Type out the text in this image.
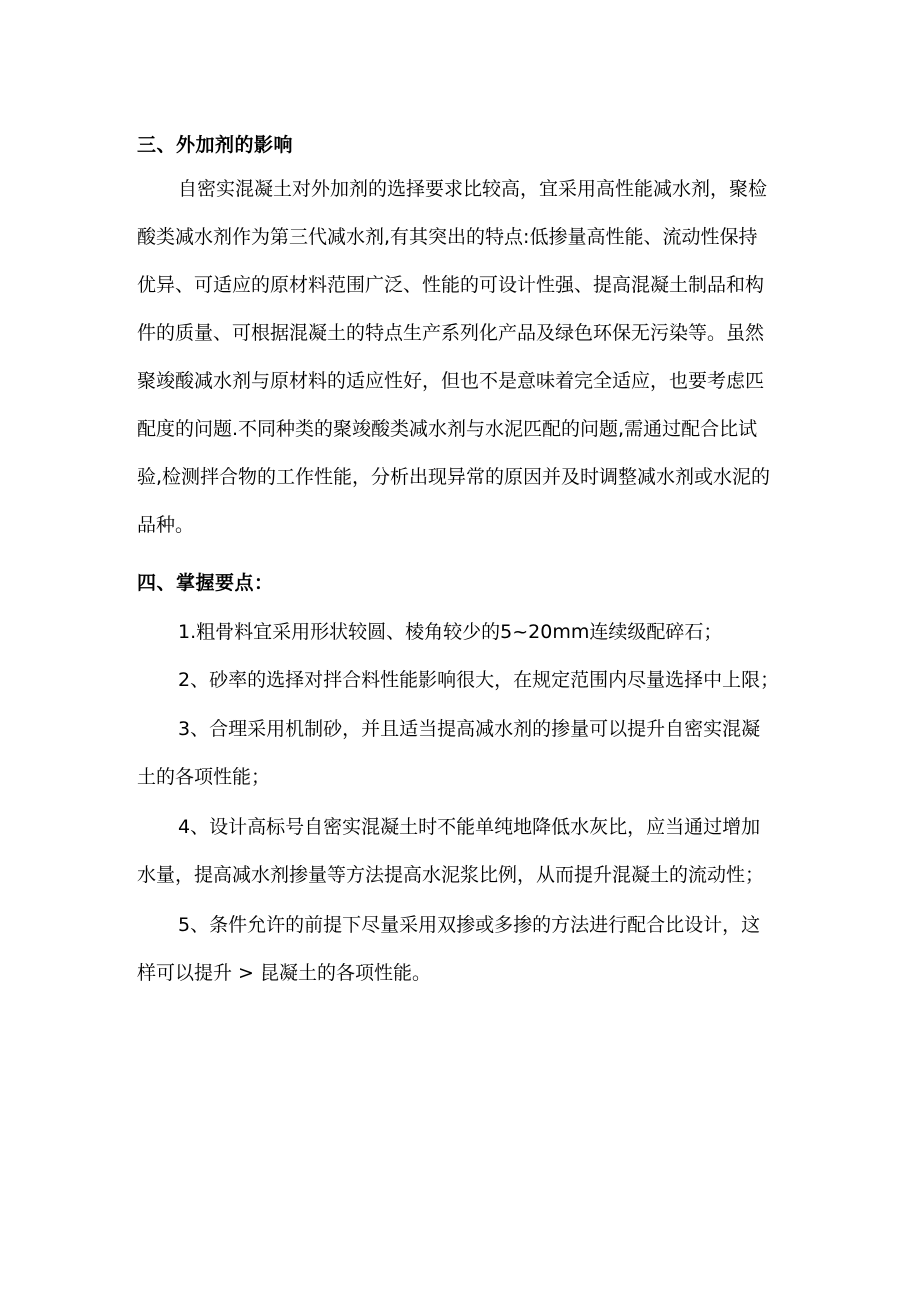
三、外加剂的影响
自密实混凝土对外加剂的选择要求比较高，宜采用高性能减水剂，聚检
酸类减水剂作为第三代减水剂,有其突出的特点:低掺量高性能、流动性保持
优异、可适应的原材料范围广泛、性能的可设计性强、提高混凝土制品和构
件的质量、可根据混凝土的特点生产系列化产品及绿色环保无污染等。虽然
聚竣酸减水剂与原材料的适应性好，但也不是意味着完全适应，也要考虑匹
配度的问题.不同种类的聚竣酸类减水剂与水泥匹配的问题,需通过配合比试
验,检测拌合物的工作性能，分析出现异常的原因并及时调整减水剂或水泥的
品种。
四、掌握要点：
1.粗骨料宜采用形状较圆、棱角较少的5~20mm连续级配碎石；
2、砂率的选择对拌合料性能影响很大，在规定范围内尽量选择中上限；
3、合理采用机制砂，并且适当提高减水剂的掺量可以提升自密实混凝
土的各项性能；
4、设计高标号自密实混凝土时不能单纯地降低水灰比，应当通过增加
水量，提高减水剂掺量等方法提高水泥浆比例，从而提升混凝土的流动性；
5、条件允许的前提下尽量采用双掺或多掺的方法进行配合比设计，这
样可以提升 > 昆凝土的各项性能。
